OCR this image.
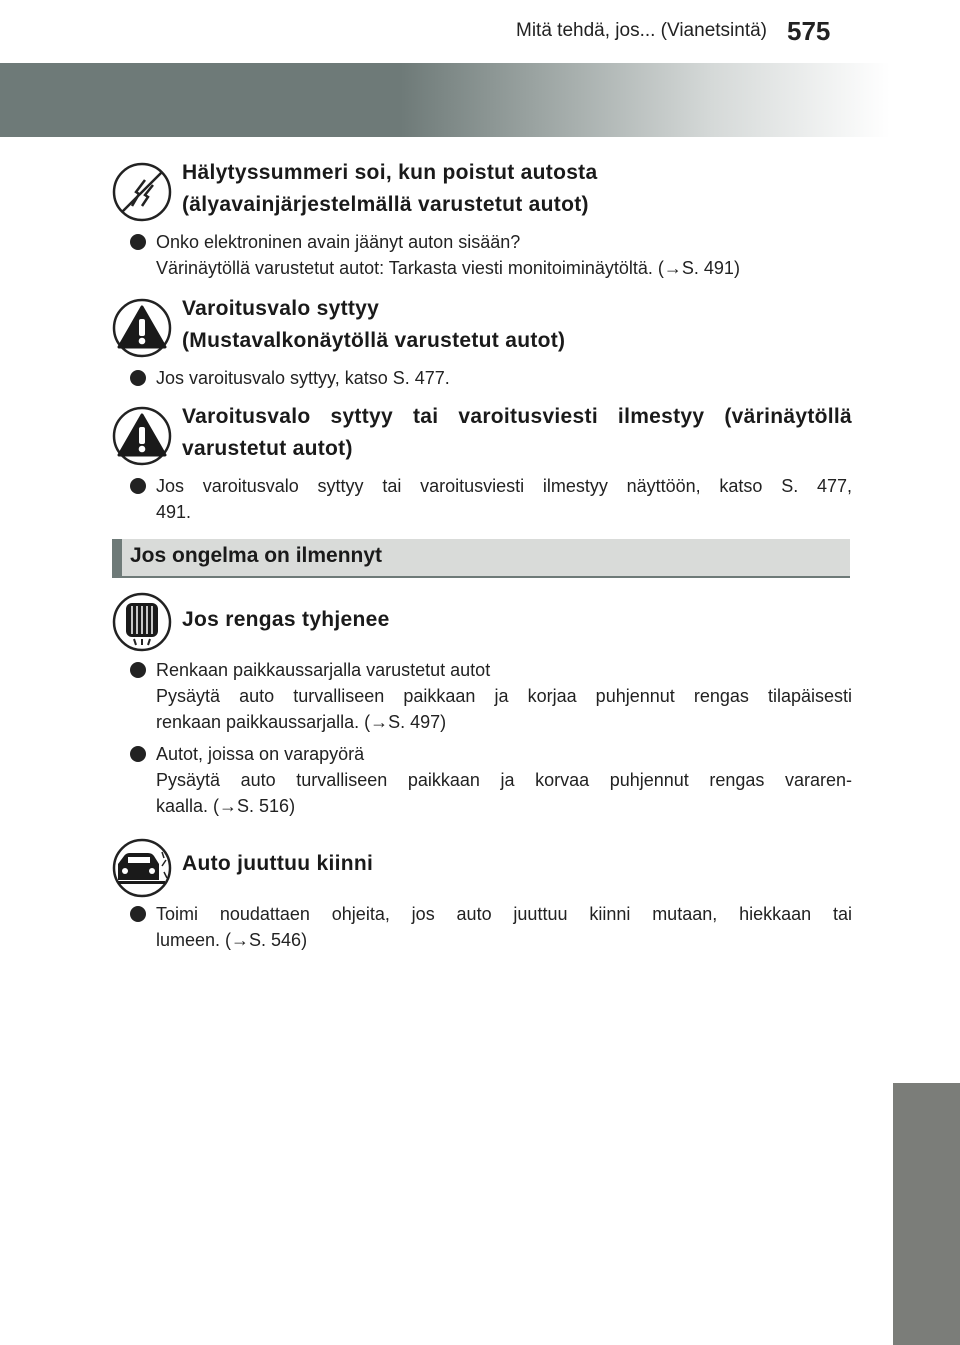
Mitä tehdä, jos... (Vianetsintä) 575
Hälytyssummeri soi, kun poistut autosta
(älyavainjärjestelmällä varustetut autot)
Onko elektroninen avain jäänyt auton sisään?
Värinäytöllä varustetut autot: Tarkasta viesti monitoiminäytöltä. (→S. 491)
Varoitusvalo syttyy
(Mustavalkonäytöllä varustetut autot)
Jos varoitusvalo syttyy, katso S. 477.
Varoitusvalo syttyy tai varoitusviesti ilmestyy (värinäytöllä
varustetut autot)
Jos varoitusvalo syttyy tai varoitusviesti ilmestyy näyttöön, katso S. 477,
491.
Jos ongelma on ilmennyt
Jos rengas tyhjenee
Renkaan paikkaussarjalla varustetut autot
Pysäytä auto turvalliseen paikkaan ja korjaa puhjennut rengas tilapäisesti
renkaan paikkaussarjalla. (→S. 497)
Autot, joissa on varapyörä
Pysäytä auto turvalliseen paikkaan ja korvaa puhjennut rengas vararen-
kaalla. (→S. 516)
Auto juuttuu kiinni
Toimi noudattaen ohjeita, jos auto juuttuu kiinni mutaan, hiekkaan tai
lumeen. (→S. 546)
